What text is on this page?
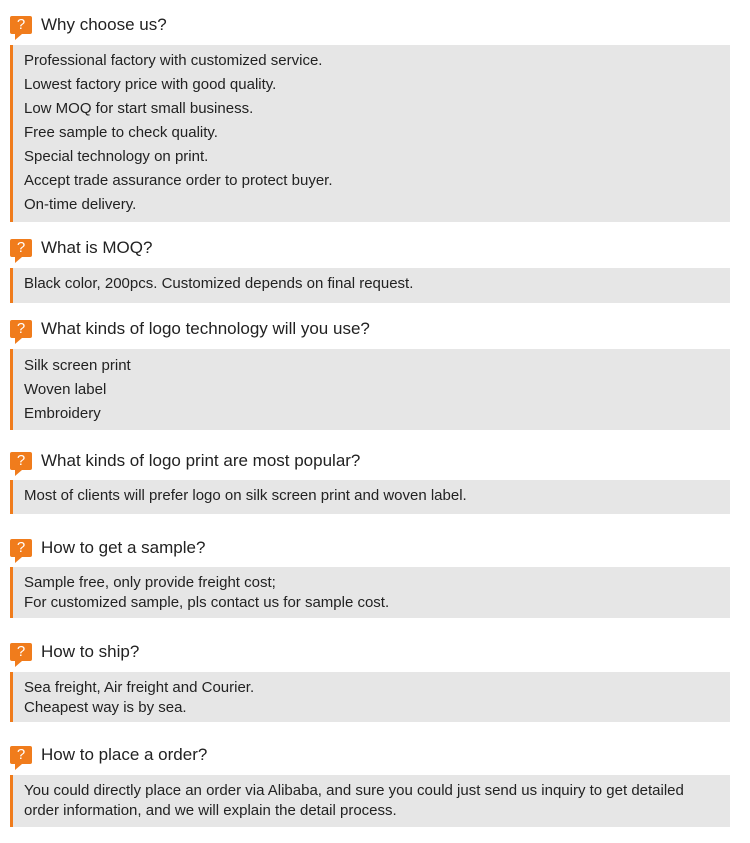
? Why choose us?
Professional factory with customized service.
Lowest factory price with good quality.
Low MOQ for start small business.
Free sample to check quality.
Special technology on print.
Accept trade assurance order to protect buyer.
On-time delivery.
? What is MOQ?
Black color, 200pcs. Customized depends on final request.
? What kinds of logo technology will you use?
Silk screen print
Woven label
Embroidery
? What kinds of logo print are most popular?
Most of clients will prefer logo on silk screen print and woven label.
? How to get a sample?
Sample free, only provide freight cost;
For customized sample, pls contact us for sample cost.
? How to ship?
Sea freight, Air freight and Courier.
Cheapest way is by sea.
? How to place a order?
You could directly place an order via Alibaba, and sure you could just send us inquiry to get detailed
order information, and we will explain the detail process.
